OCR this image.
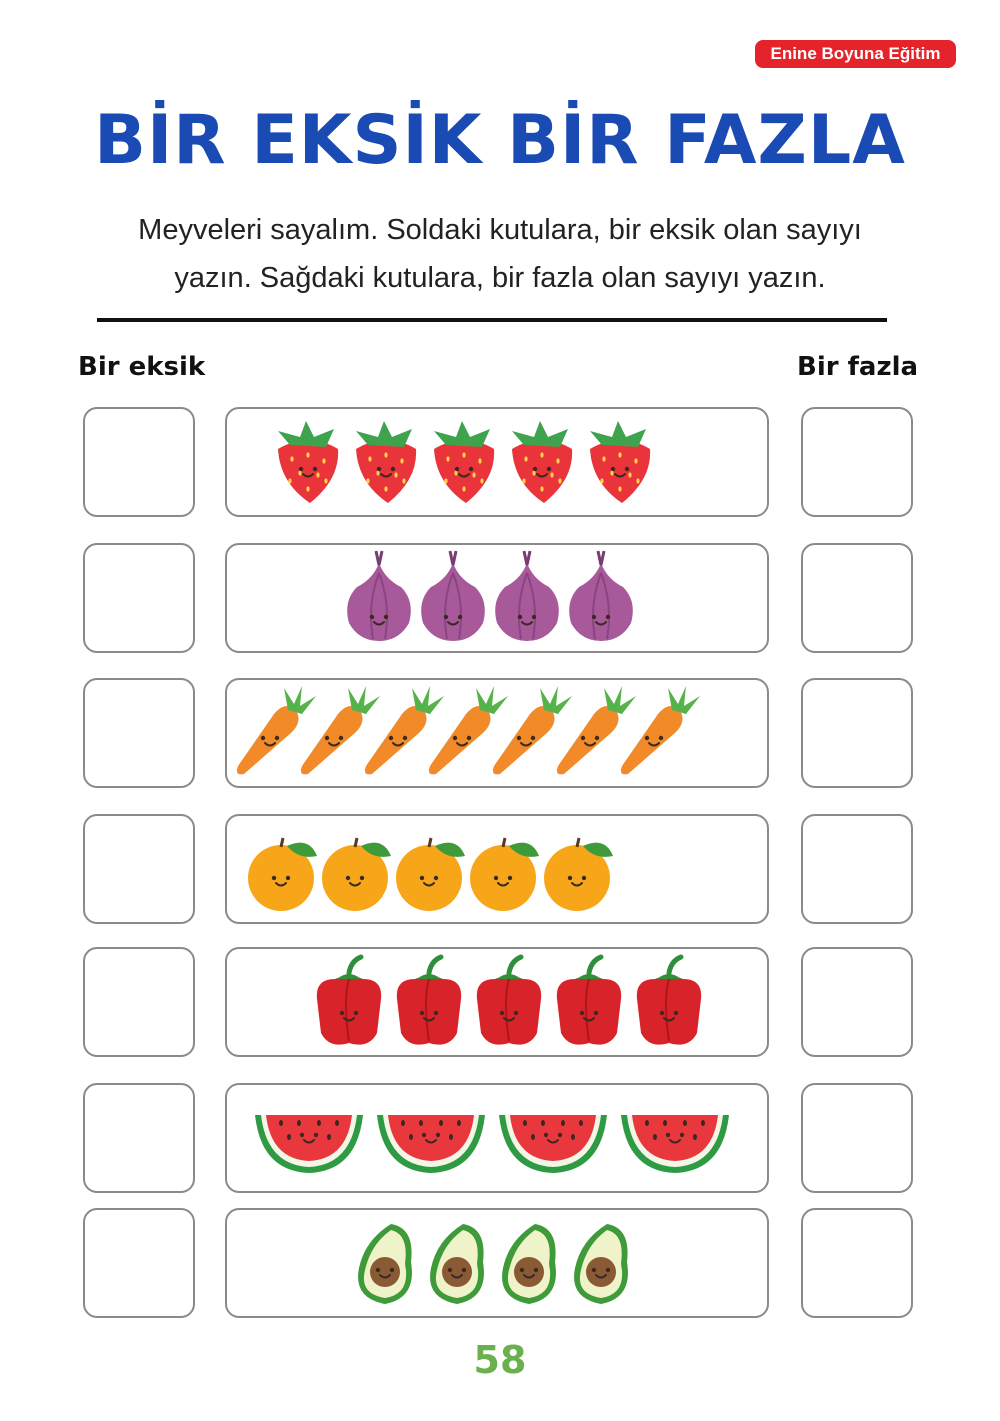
Enine Boyuna Eğitim
BİR EKSİK BİR FAZLA
Meyveleri sayalım. Soldaki kutulara, bir eksik olan sayıyı
yazın. Sağdaki kutulara, bir fazla olan sayıyı yazın.
Bir eksik	Bir fazla
58
